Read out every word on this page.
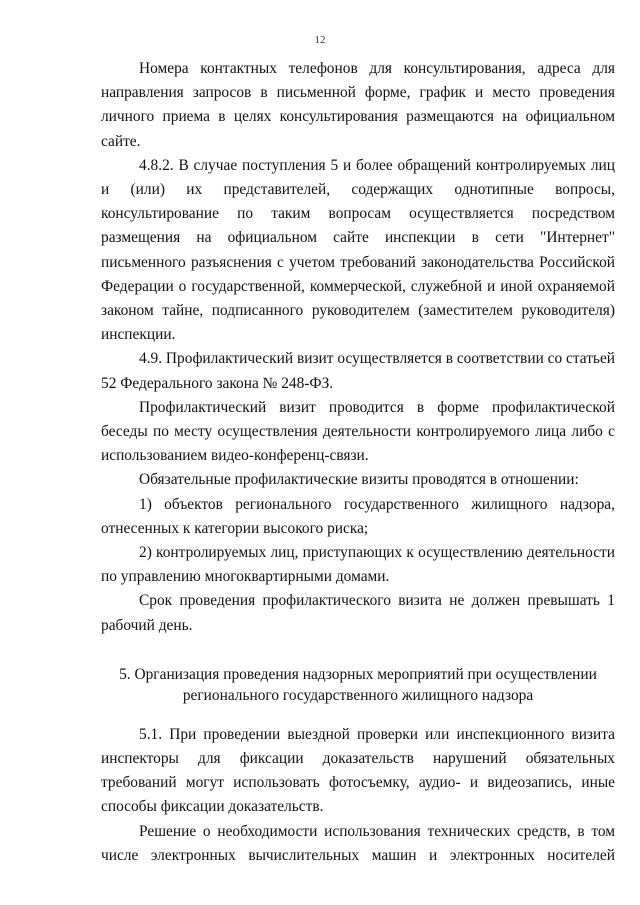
12

Номера контактных телефонов для консультирования, адреса для направления запросов в письменной форме, график и место проведения личного приема в целях консультирования размещаются на официальном сайте.

4.8.2. В случае поступления 5 и более обращений контролируемых лиц и (или) их представителей, содержащих однотипные вопросы, консультирование по таким вопросам осуществляется посредством размещения на официальном сайте инспекции в сети "Интернет" письменного разъяснения с учетом требований законодательства Российской Федерации о государственной, коммерческой, служебной и иной охраняемой законом тайне, подписанного руководителем (заместителем руководителя) инспекции.

4.9. Профилактический визит осуществляется в соответствии со статьей 52 Федерального закона № 248-ФЗ.

Профилактический визит проводится в форме профилактической беседы по месту осуществления деятельности контролируемого лица либо с использованием видео-конференц-связи.

Обязательные профилактические визиты проводятся в отношении:

1) объектов регионального государственного жилищного надзора, отнесенных к категории высокого риска;

2) контролируемых лиц, приступающих к осуществлению деятельности по управлению многоквартирными домами.

Срок проведения профилактического визита не должен превышать 1 рабочий день.

5. Организация проведения надзорных мероприятий при осуществлении регионального государственного жилищного надзора

5.1. При проведении выездной проверки или инспекционного визита инспекторы для фиксации доказательств нарушений обязательных требований могут использовать фотосъемку, аудио- и видеозапись, иные способы фиксации доказательств.

Решение о необходимости использования технических средств, в том числе электронных вычислительных машин и электронных носителей
